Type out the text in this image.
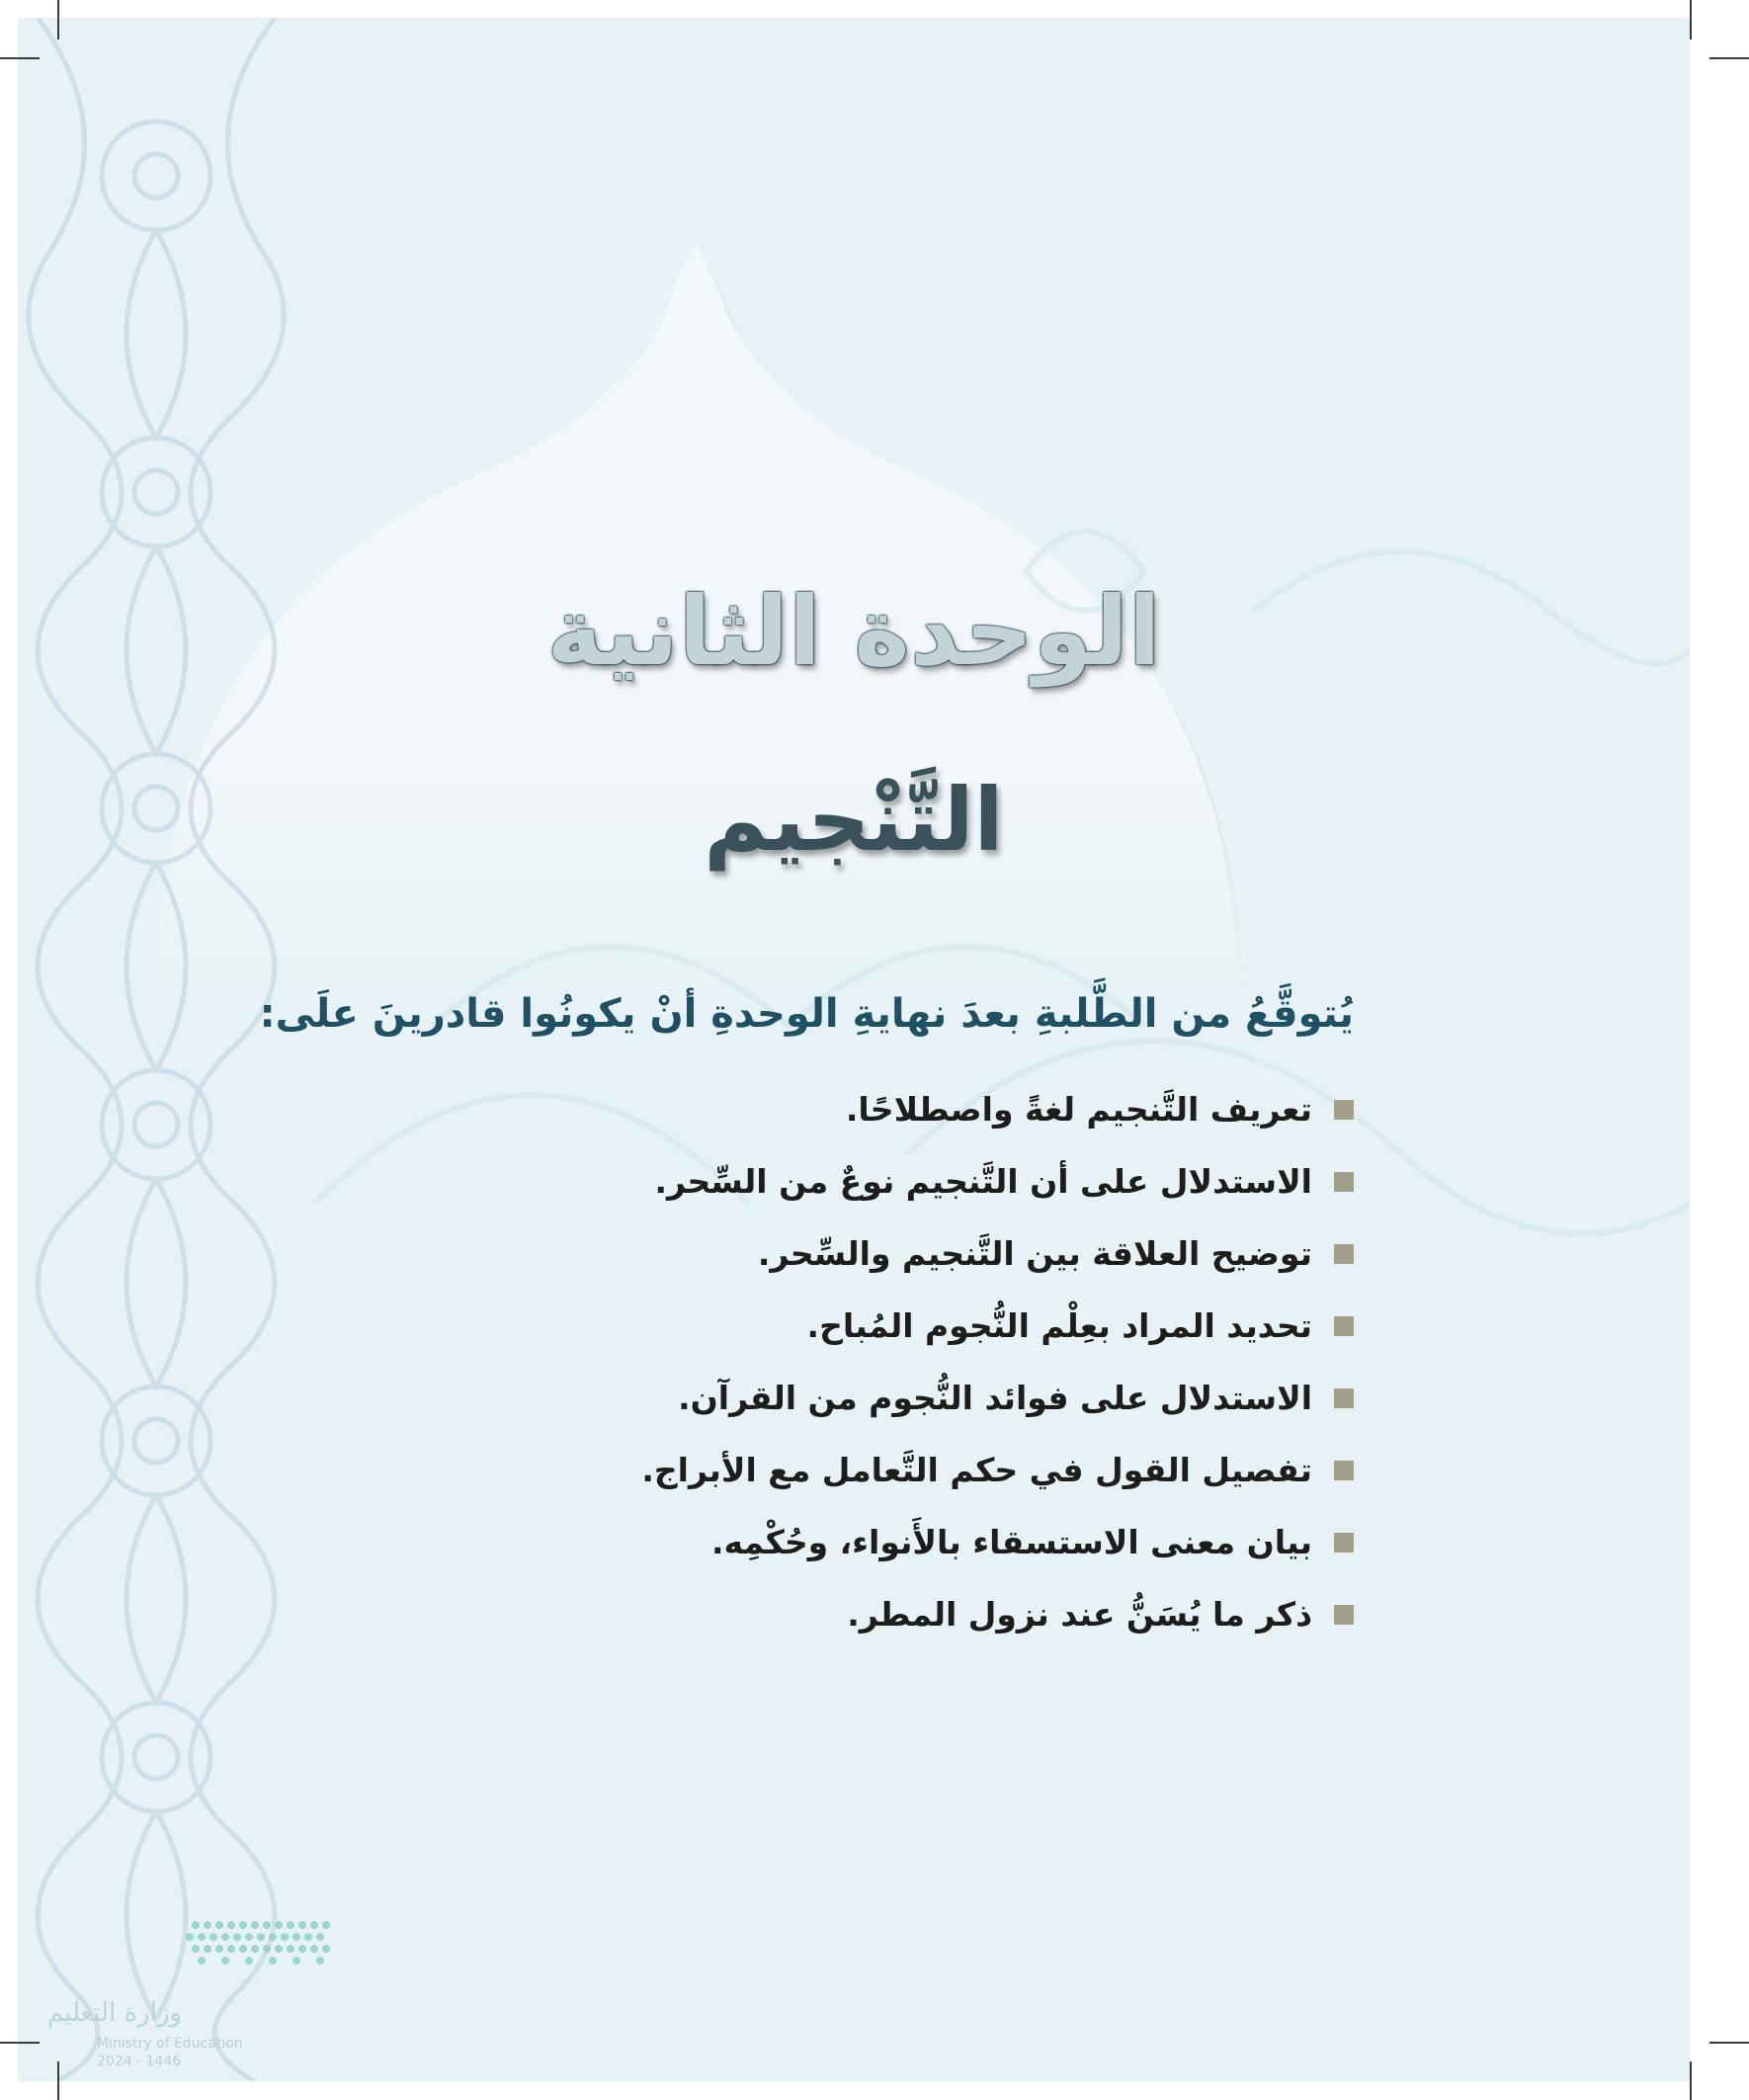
الوحدة الثانية
التَّنْجيم

يُتوقَّعُ من الطَّلبةِ بعدَ نهايةِ الوحدةِ أنْ يكونُوا قادرينَ علَى:

تعريف التَّنجيم لغةً واصطلاحًا.
الاستدلال على أن التَّنجيم نوعٌ من السِّحر.
توضيح العلاقة بين التَّنجيم والسِّحر.
تحديد المراد بعِلْم النُّجوم المُباح.
الاستدلال على فوائد النُّجوم من القرآن.
تفصيل القول في حكم التَّعامل مع الأبراج.
بيان معنى الاستسقاء بالأَنواء، وحُكْمِه.
ذكر ما يُسَنُّ عند نزول المطر.

وزارة التعليم

Ministry of Education

2024 - 1446
